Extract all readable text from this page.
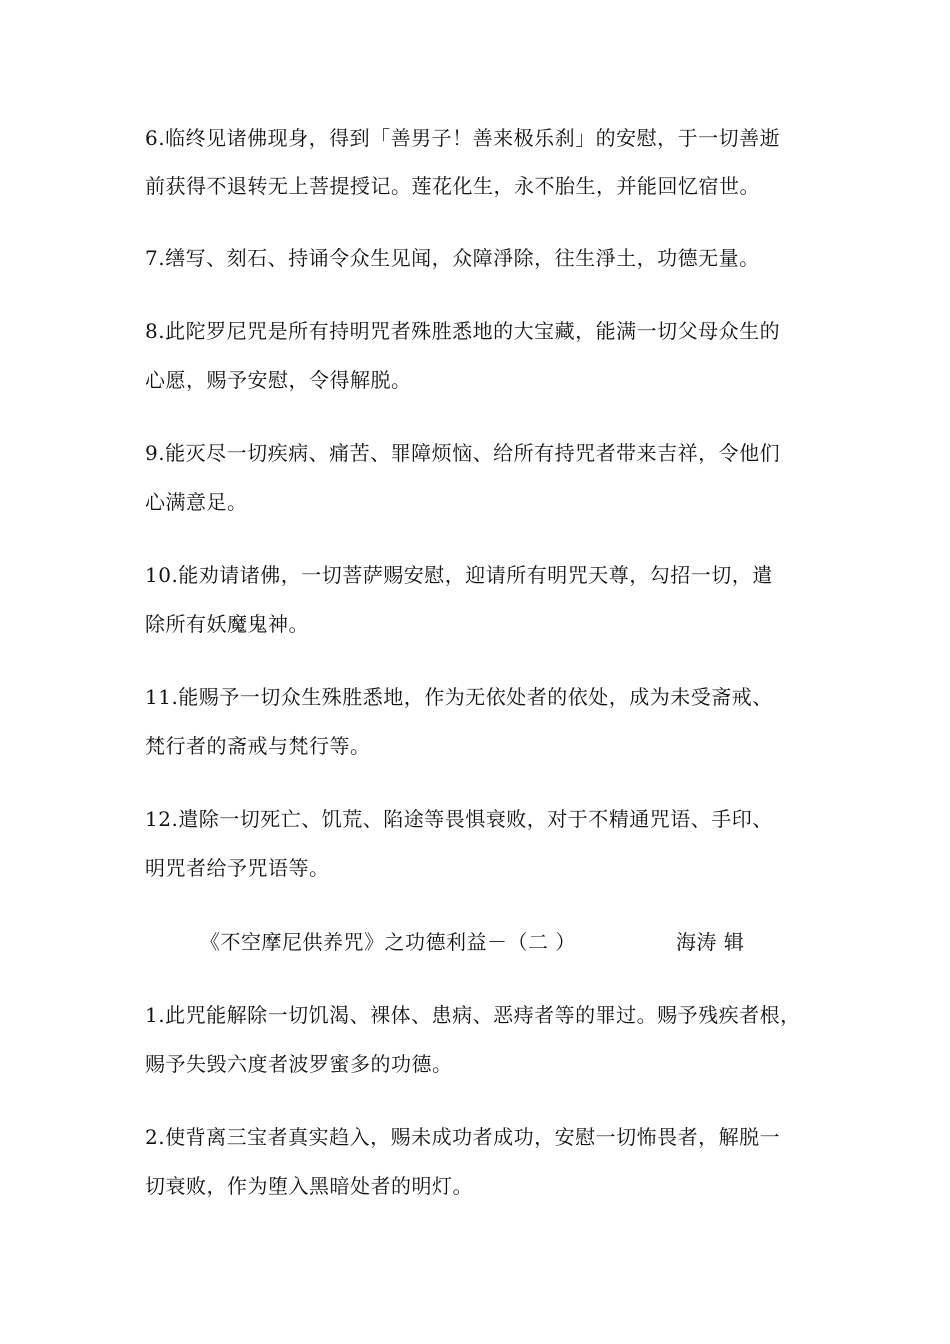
6.临终见诸佛现身，得到「善男子！善来极乐刹」的安慰，于一切善逝
前获得不退转无上菩提授记。莲花化生，永不胎生，并能回忆宿世。
7.缮写、刻石、持诵令众生见闻，众障淨除，往生淨土，功德无量。
8.此陀罗尼咒是所有持明咒者殊胜悉地的大宝藏，能满一切父母众生的
心愿，赐予安慰，令得解脱。
9.能灭尽一切疾病、痛苦、罪障烦恼、给所有持咒者带来吉祥，令他们
心满意足。
10.能劝请诸佛，一切菩萨赐安慰，迎请所有明咒天尊，勾招一切，遣
除所有妖魔鬼神。
11.能赐予一切众生殊胜悉地，作为无依处者的依处，成为未受斋戒、
梵行者的斋戒与梵行等。
12.遣除一切死亡、饥荒、陷途等畏惧衰败，对于不精通咒语、手印、
明咒者给予咒语等。
《不空摩尼供养咒》之功德利益－（二 ）	海涛 辑
1.此咒能解除一切饥渴、裸体、患病、恶痔者等的罪过。赐予残疾者根，
赐予失毁六度者波罗蜜多的功德。
2.使背离三宝者真实趋入，赐未成功者成功，安慰一切怖畏者，解脱一
切衰败，作为堕入黑暗处者的明灯。
